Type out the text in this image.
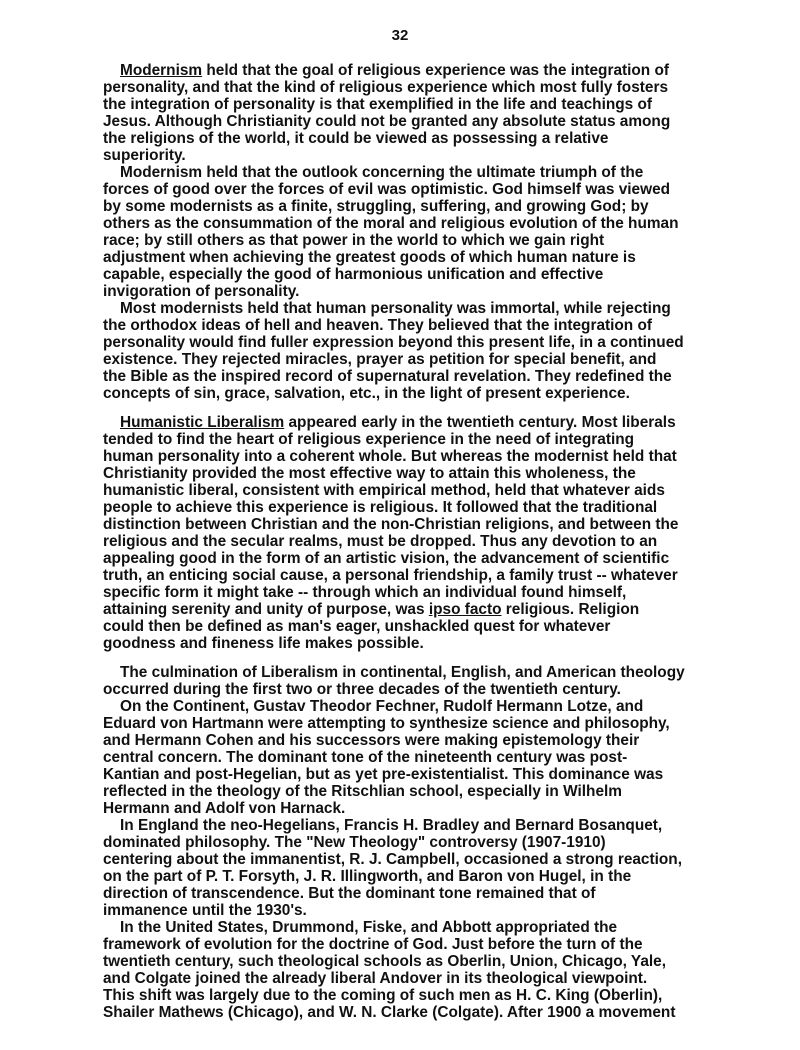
32
Modernism held that the goal of religious experience was the integration of
personality, and that the kind of religious experience which most fully fosters
the integration of personality is that exemplified in the life and teachings of
Jesus. Although Christianity could not be granted any absolute status among
the religions of the world, it could be viewed as possessing a relative
superiority.
Modernism held that the outlook concerning the ultimate triumph of the
forces of good over the forces of evil was optimistic. God himself was viewed
by some modernists as a finite, struggling, suffering, and growing God; by
others as the consummation of the moral and religious evolution of the human
race; by still others as that power in the world to which we gain right
adjustment when achieving the greatest goods of which human nature is
capable, especially the good of harmonious unification and effective
invigoration of personality.
Most modernists held that human personality was immortal, while rejecting
the orthodox ideas of hell and heaven. They believed that the integration of
personality would find fuller expression beyond this present life, in a continued
existence. They rejected miracles, prayer as petition for special benefit, and
the Bible as the inspired record of supernatural revelation. They redefined the
concepts of sin, grace, salvation, etc., in the light of present experience.
Humanistic Liberalism appeared early in the twentieth century. Most liberals
tended to find the heart of religious experience in the need of integrating
human personality into a coherent whole. But whereas the modernist held that
Christianity provided the most effective way to attain this wholeness, the
humanistic liberal, consistent with empirical method, held that whatever aids
people to achieve this experience is religious. It followed that the traditional
distinction between Christian and the non-Christian religions, and between the
religious and the secular realms, must be dropped. Thus any devotion to an
appealing good in the form of an artistic vision, the advancement of scientific
truth, an enticing social cause, a personal friendship, a family trust -- whatever
specific form it might take -- through which an individual found himself,
attaining serenity and unity of purpose, was ipso facto religious. Religion
could then be defined as man's eager, unshackled quest for whatever
goodness and fineness life makes possible.
The culmination of Liberalism in continental, English, and American theology
occurred during the first two or three decades of the twentieth century.
On the Continent, Gustav Theodor Fechner, Rudolf Hermann Lotze, and
Eduard von Hartmann were attempting to synthesize science and philosophy,
and Hermann Cohen and his successors were making epistemology their
central concern. The dominant tone of the nineteenth century was post-
Kantian and post-Hegelian, but as yet pre-existentialist. This dominance was
reflected in the theology of the Ritschlian school, especially in Wilhelm
Hermann and Adolf von Harnack.
In England the neo-Hegelians, Francis H. Bradley and Bernard Bosanquet,
dominated philosophy. The "New Theology" controversy (1907-1910)
centering about the immanentist, R. J. Campbell, occasioned a strong reaction,
on the part of P. T. Forsyth, J. R. Illingworth, and Baron von Hugel, in the
direction of transcendence. But the dominant tone remained that of
immanence until the 1930's.
In the United States, Drummond, Fiske, and Abbott appropriated the
framework of evolution for the doctrine of God. Just before the turn of the
twentieth century, such theological schools as Oberlin, Union, Chicago, Yale,
and Colgate joined the already liberal Andover in its theological viewpoint.
This shift was largely due to the coming of such men as H. C. King (Oberlin),
Shailer Mathews (Chicago), and W. N. Clarke (Colgate). After 1900 a movement
